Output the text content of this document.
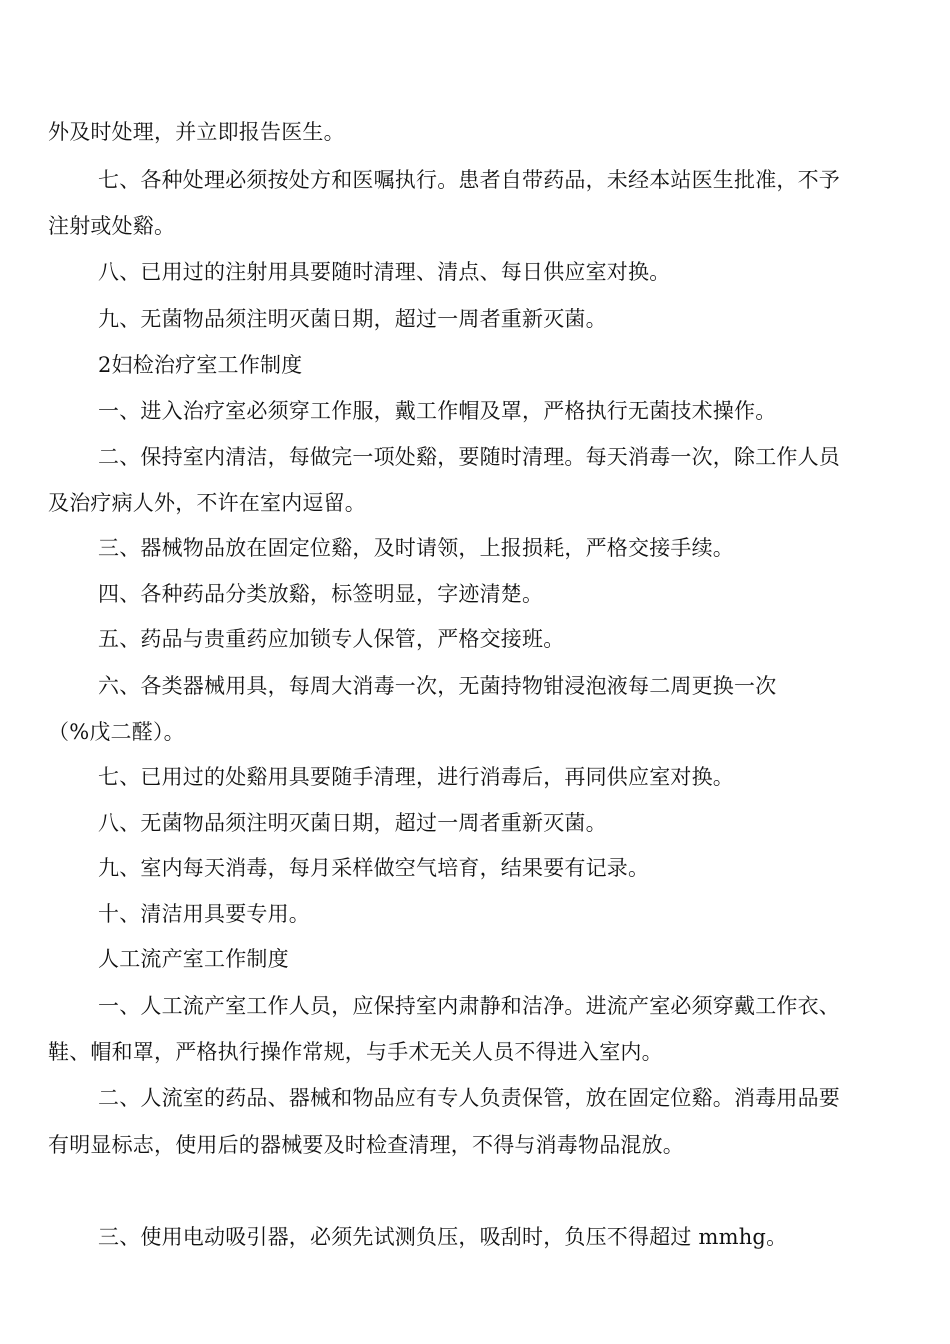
外及时处理，并立即报告医生。
七、各种处理必须按处方和医嘱执行。患者自带药品，未经本站医生批准，不予
注射或处谿。
八、已用过的注射用具要随时清理、清点、每日供应室对换。
九、无菌物品须注明灭菌日期，超过一周者重新灭菌。
2妇检治疗室工作制度
一、进入治疗室必须穿工作服，戴工作帽及罩，严格执行无菌技术操作。
二、保持室内清洁，每做完一项处谿，要随时清理。每天消毒一次，除工作人员
及治疗病人外，不许在室内逗留。
三、器械物品放在固定位谿，及时请领，上报损耗，严格交接手续。
四、各种药品分类放谿，标签明显，字迹清楚。
五、药品与贵重药应加锁专人保管，严格交接班。
六、各类器械用具，每周大消毒一次，无菌持物钳浸泡液每二周更换一次
（%戊二醛）。
七、已用过的处谿用具要随手清理，进行消毒后，再同供应室对换。
八、无菌物品须注明灭菌日期，超过一周者重新灭菌。
九、室内每天消毒，每月采样做空气培育，结果要有记录。
十、清洁用具要专用。
人工流产室工作制度
一、人工流产室工作人员，应保持室内肃静和洁净。进流产室必须穿戴工作衣、
鞋、帽和罩，严格执行操作常规，与手术无关人员不得进入室内。
二、人流室的药品、器械和物品应有专人负责保管，放在固定位谿。消毒用品要
有明显标志，使用后的器械要及时检查清理，不得与消毒物品混放。
三、使用电动吸引器，必须先试测负压，吸刮时，负压不得超过 mmhg。
